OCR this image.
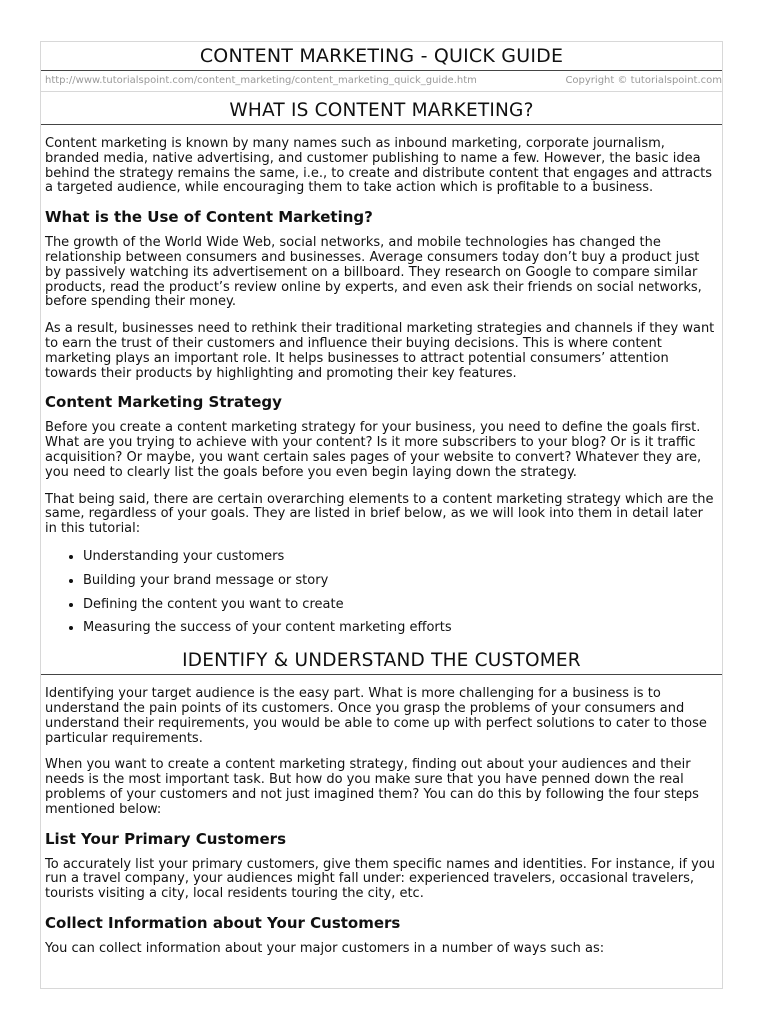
CONTENT MARKETING - QUICK GUIDE
http://www.tutorialspoint.com/content_marketing/content_marketing_quick_guide.htm	Copyright © tutorialspoint.com
WHAT IS CONTENT MARKETING?

Content marketing is known by many names such as inbound marketing, corporate journalism, branded media, native advertising, and customer publishing to name a few. However, the basic idea behind the strategy remains the same, i.e., to create and distribute content that engages and attracts a targeted audience, while encouraging them to take action which is profitable to a business.

What is the Use of Content Marketing?

The growth of the World Wide Web, social networks, and mobile technologies has changed the relationship between consumers and businesses. Average consumers today don’t buy a product just by passively watching its advertisement on a billboard. They research on Google to compare similar products, read the product’s review online by experts, and even ask their friends on social networks, before spending their money.

As a result, businesses need to rethink their traditional marketing strategies and channels if they want to earn the trust of their customers and influence their buying decisions. This is where content marketing plays an important role. It helps businesses to attract potential consumers’ attention towards their products by highlighting and promoting their key features.

Content Marketing Strategy

Before you create a content marketing strategy for your business, you need to define the goals first. What are you trying to achieve with your content? Is it more subscribers to your blog? Or is it traffic acquisition? Or maybe, you want certain sales pages of your website to convert? Whatever they are, you need to clearly list the goals before you even begin laying down the strategy.

That being said, there are certain overarching elements to a content marketing strategy which are the same, regardless of your goals. They are listed in brief below, as we will look into them in detail later in this tutorial:

• Understanding your customers
• Building your brand message or story
• Defining the content you want to create
• Measuring the success of your content marketing efforts
IDENTIFY & UNDERSTAND THE CUSTOMER

Identifying your target audience is the easy part. What is more challenging for a business is to understand the pain points of its customers. Once you grasp the problems of your consumers and understand their requirements, you would be able to come up with perfect solutions to cater to those particular requirements.

When you want to create a content marketing strategy, finding out about your audiences and their needs is the most important task. But how do you make sure that you have penned down the real problems of your customers and not just imagined them? You can do this by following the four steps mentioned below:

List Your Primary Customers

To accurately list your primary customers, give them specific names and identities. For instance, if you run a travel company, your audiences might fall under: experienced travelers, occasional travelers, tourists visiting a city, local residents touring the city, etc.

Collect Information about Your Customers

You can collect information about your major customers in a number of ways such as:
